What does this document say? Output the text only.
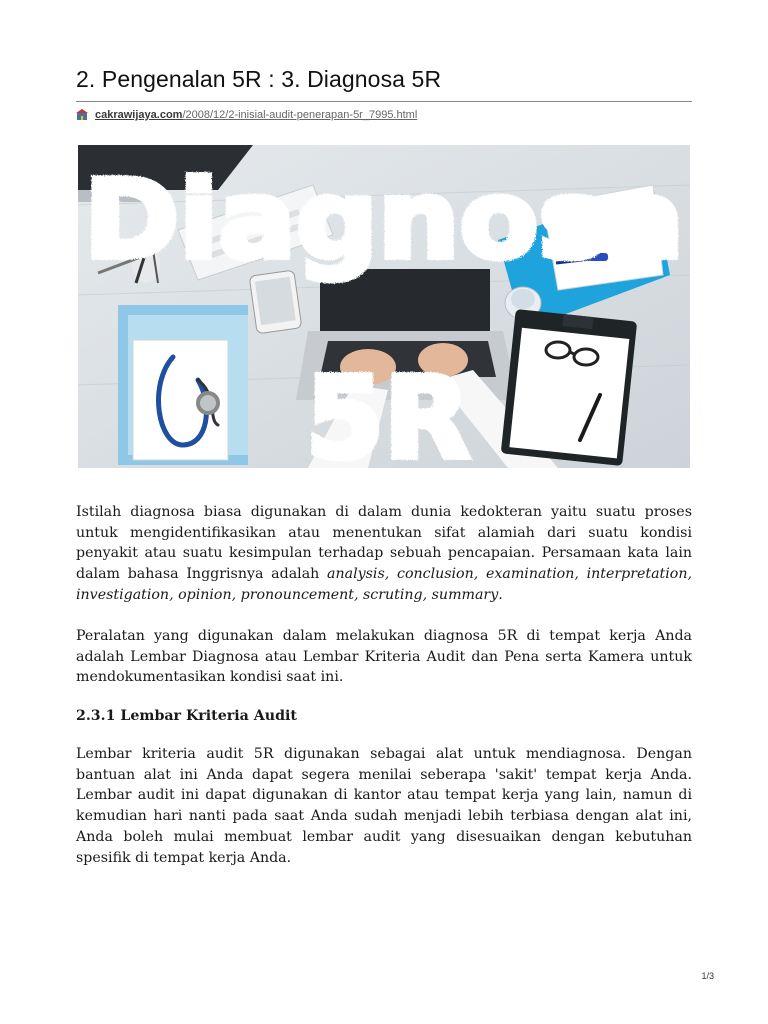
2. Pengenalan 5R : 3. Diagnosa 5R
cakrawijaya.com /2008/12/2-inisial-audit-penerapan-5r_7995.html
Diagnosa
5R

Istilah diagnosa biasa digunakan di dalam dunia kedokteran yaitu suatu proses untuk mengidentifikasikan atau menentukan sifat alamiah dari suatu kondisi penyakit atau suatu kesimpulan terhadap sebuah pencapaian. Persamaan kata lain dalam bahasa Inggrisnya adalah analysis, conclusion, examination, interpretation, investigation, opinion, pronouncement, scruting, summary.

Peralatan yang digunakan dalam melakukan diagnosa 5R di tempat kerja Anda adalah Lembar Diagnosa atau Lembar Kriteria Audit dan Pena serta Kamera untuk mendokumentasikan kondisi saat ini.

2.3.1 Lembar Kriteria Audit

Lembar kriteria audit 5R digunakan sebagai alat untuk mendiagnosa. Dengan bantuan alat ini Anda dapat segera menilai seberapa 'sakit' tempat kerja Anda. Lembar audit ini dapat digunakan di kantor atau tempat kerja yang lain, namun di kemudian hari nanti pada saat Anda sudah menjadi lebih terbiasa dengan alat ini, Anda boleh mulai membuat lembar audit yang disesuaikan dengan kebutuhan spesifik di tempat kerja Anda.

1/3
